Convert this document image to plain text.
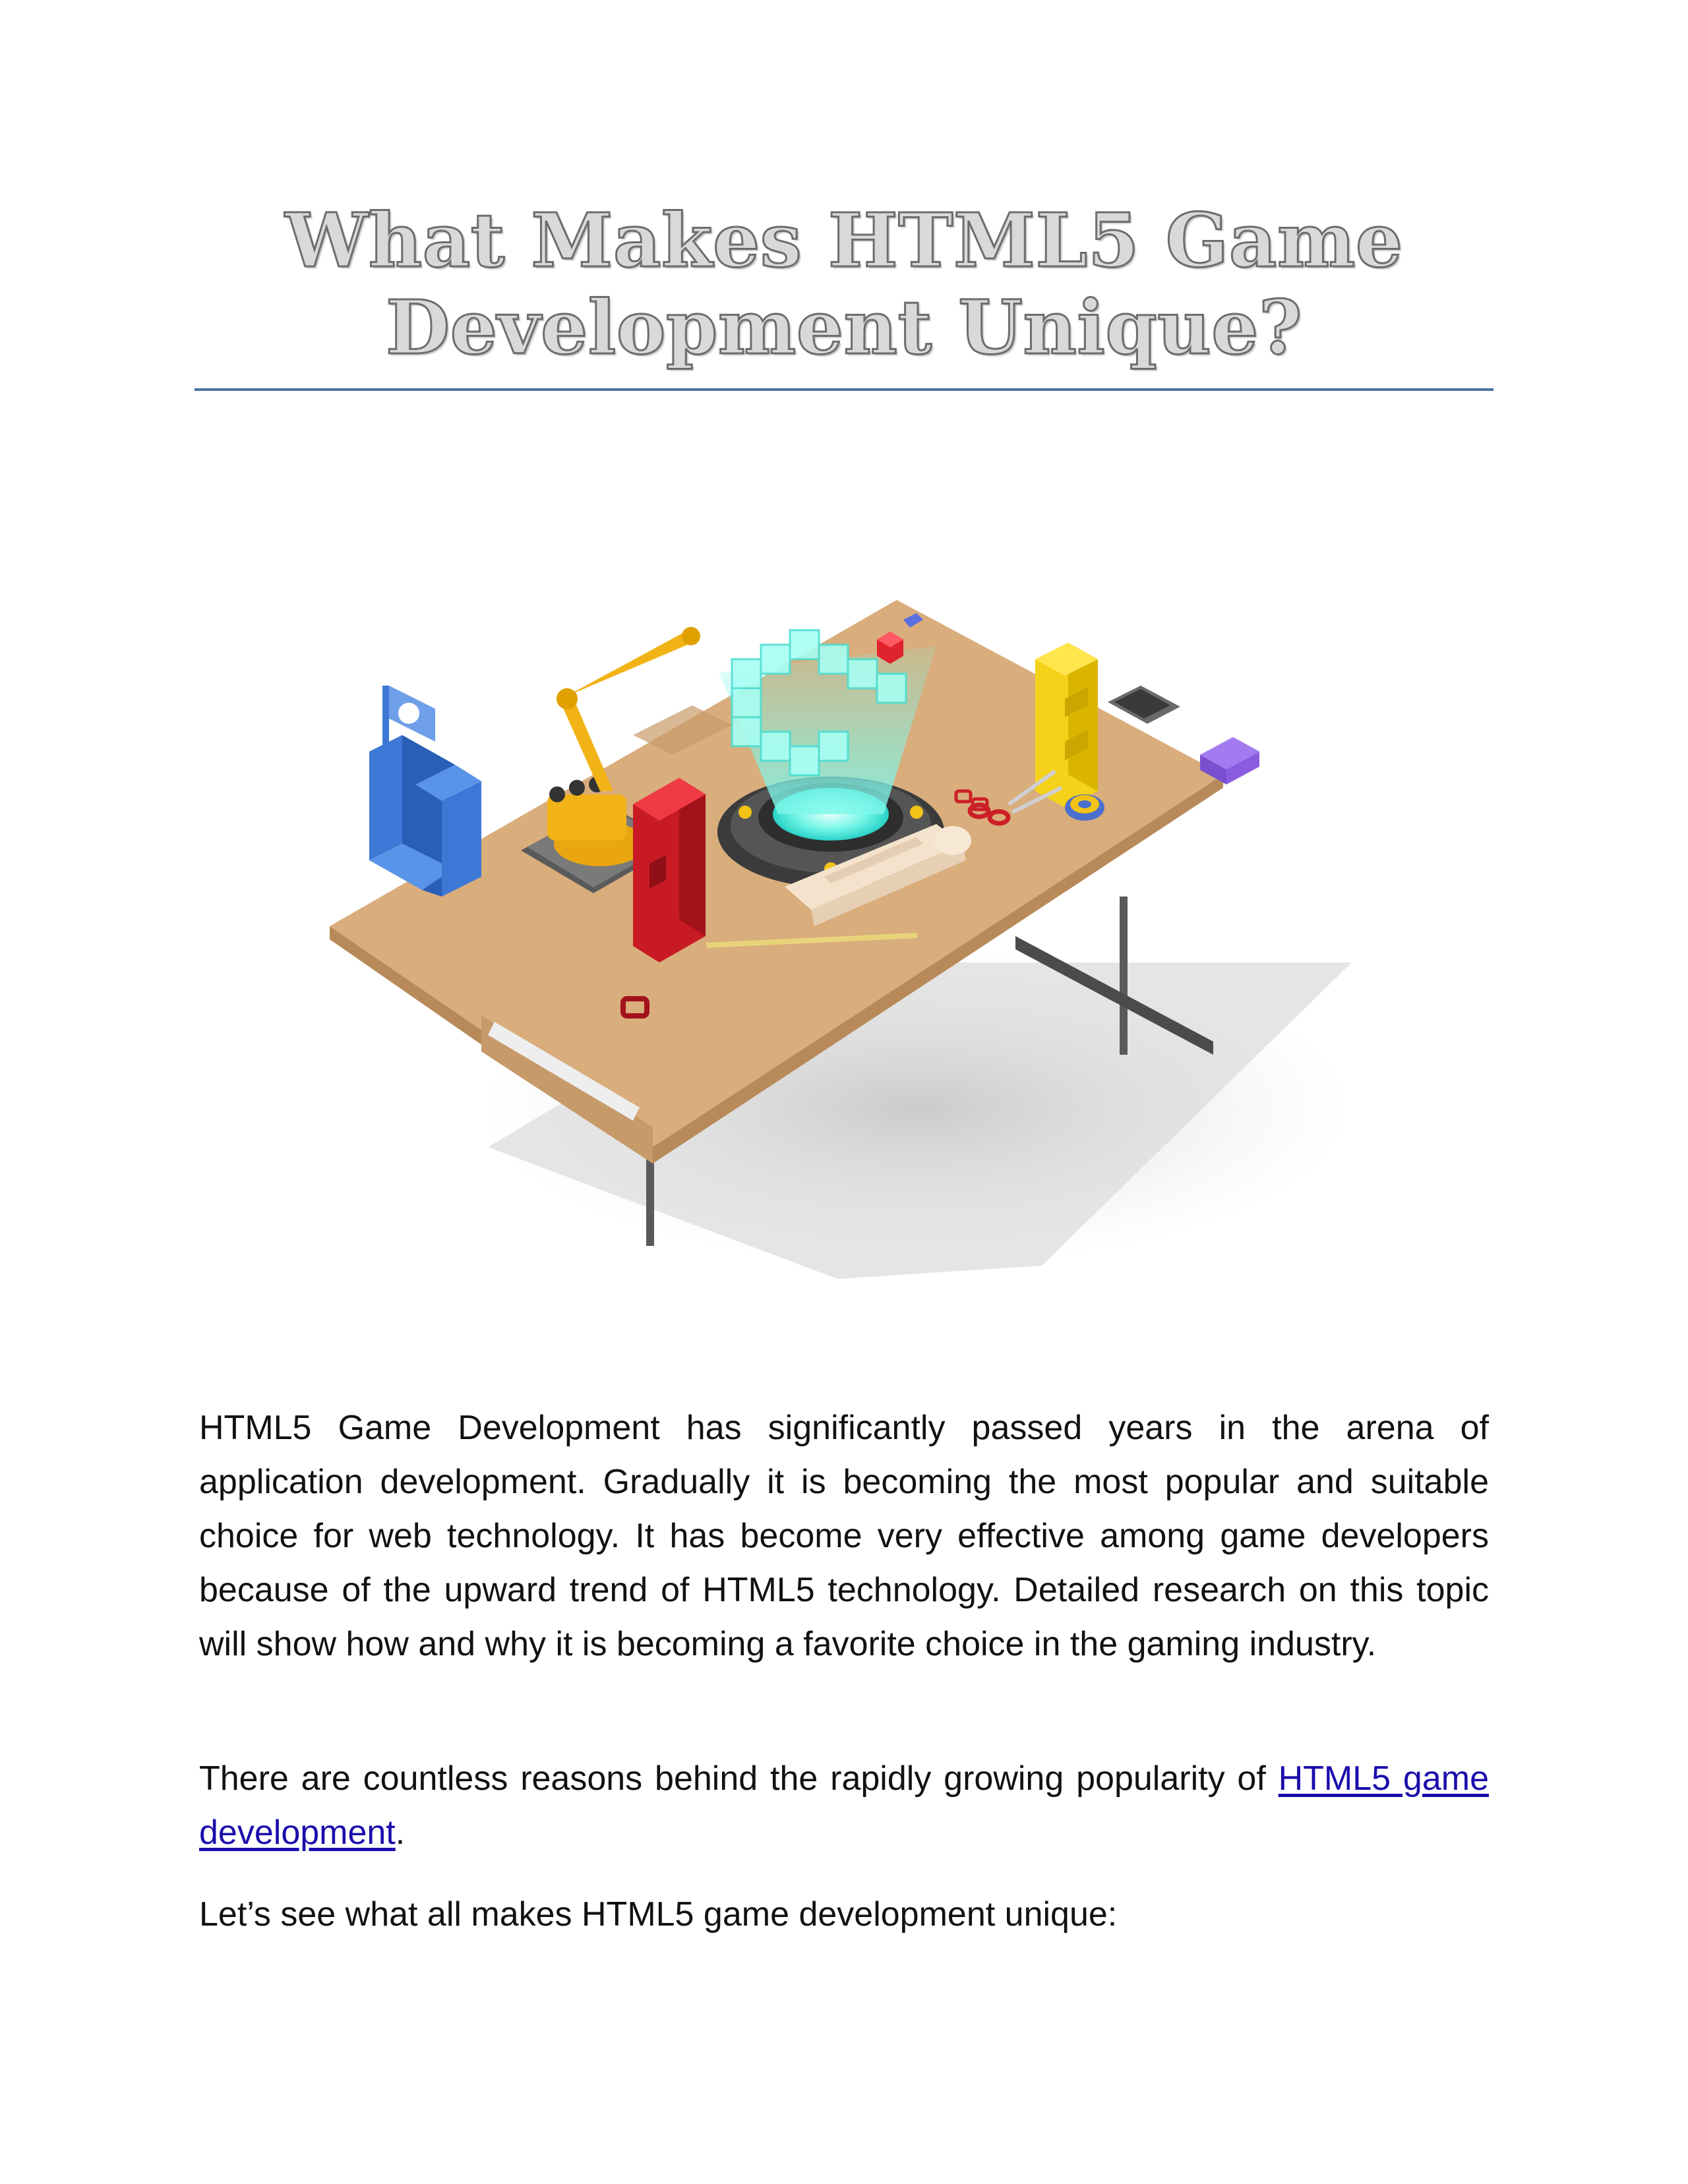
What Makes HTML5 Game
Development Unique?

HTML5 Game Development has significantly passed years in the arena of application development. Gradually it is becoming the most popular and suitable choice for web technology. It has become very effective among game developers because of the upward trend of HTML5 technology. Detailed research on this topic will show how and why it is becoming a favorite choice in the gaming industry.

There are countless reasons behind the rapidly growing popularity of HTML5 game development.

Let’s see what all makes HTML5 game development unique:
